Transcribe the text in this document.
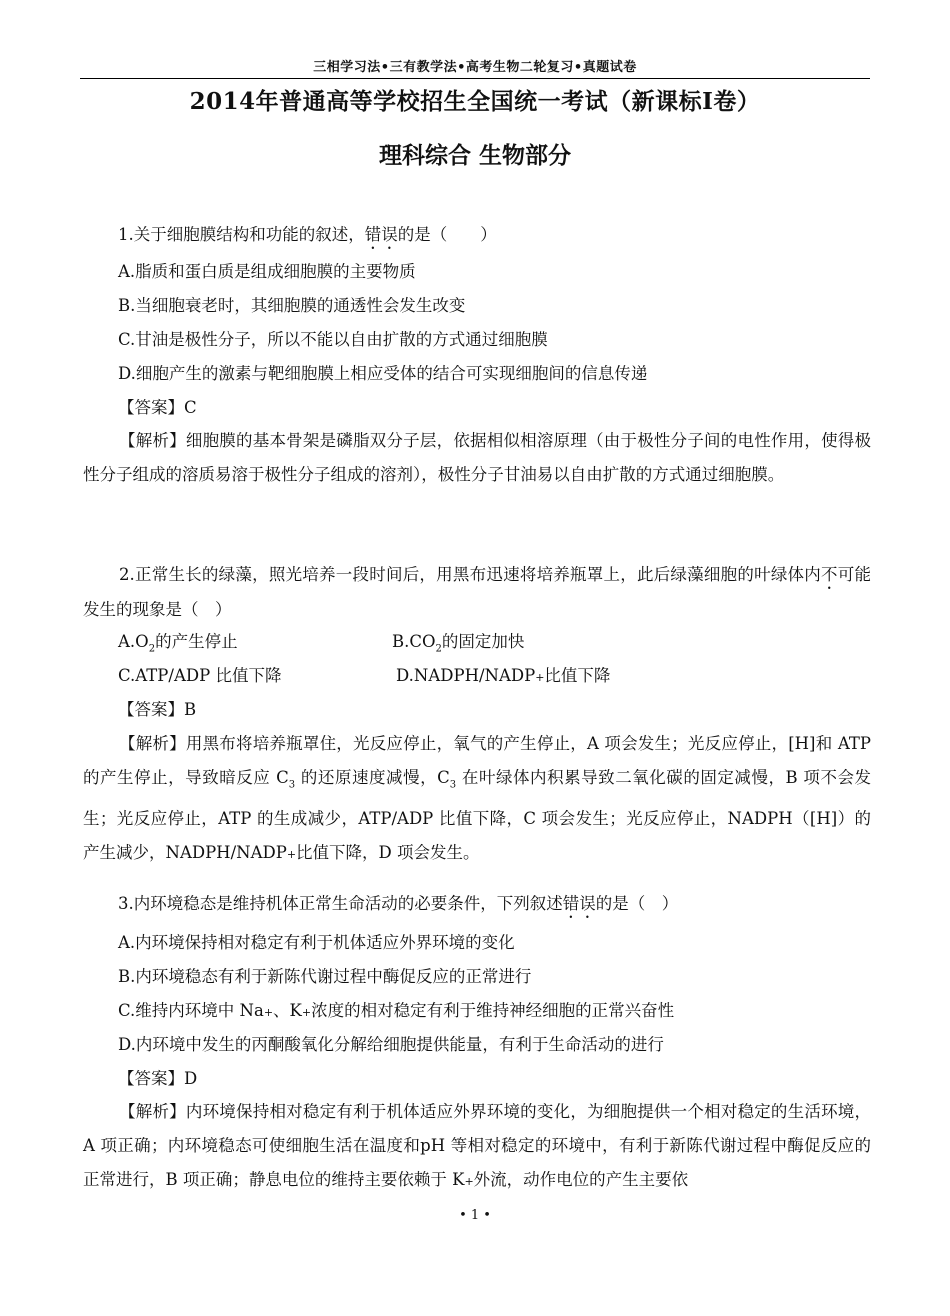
三相学习法•三有教学法•高考生物二轮复习•真题试卷
2014年普通高等学校招生全国统一考试（新课标Ⅰ卷）
理科综合 生物部分
1.关于细胞膜结构和功能的叙述，错误的是（　　）
A.脂质和蛋白质是组成细胞膜的主要物质
B.当细胞衰老时，其细胞膜的通透性会发生改变
C.甘油是极性分子，所以不能以自由扩散的方式通过细胞膜
D.细胞产生的激素与靶细胞膜上相应受体的结合可实现细胞间的信息传递
【答案】C
【解析】细胞膜的基本骨架是磷脂双分子层，依据相似相溶原理（由于极性分子间的电性作用，使得极性分子组成的溶质易溶于极性分子组成的溶剂），极性分子甘油易以自由扩散的方式通过细胞膜。
2.正常生长的绿藻，照光培养一段时间后，用黑布迅速将培养瓶罩上，此后绿藻细胞的叶绿体内不可能发生的现象是（　）
$A.O_2$的产生停止	$B.CO_2$的固定加快
C.ATP/ADP 比值下降	D.NADPH/NADP+比值下降
【答案】B
【解析】用黑布将培养瓶罩住，光反应停止，氧气的产生停止，A 项会发生；光反应停止，[H]和 ATP 的产生停止，导致暗反应 $C_3$ 的还原速度减慢，$C_3$ 在叶绿体内积累导致二氧化碳的固定减慢，B 项不会发生；光反应停止，ATP 的生成减少，ATP/ADP 比值下降，C 项会发生；光反应停止，NADPH（[H]）的产生减少，NADPH/NADP+比值下降，D 项会发生。
3.内环境稳态是维持机体正常生命活动的必要条件，下列叙述错误的是（　）
A.内环境保持相对稳定有利于机体适应外界环境的变化
B.内环境稳态有利于新陈代谢过程中酶促反应的正常进行
C.维持内环境中 Na+、K+浓度的相对稳定有利于维持神经细胞的正常兴奋性
D.内环境中发生的丙酮酸氧化分解给细胞提供能量，有利于生命活动的进行
【答案】D
【解析】内环境保持相对稳定有利于机体适应外界环境的变化，为细胞提供一个相对稳定的生活环境，A 项正确；内环境稳态可使细胞生活在温度和pH 等相对稳定的环境中，有利于新陈代谢过程中酶促反应的正常进行，B 项正确；静息电位的维持主要依赖于 K+外流，动作电位的产生主要依
• 1 •
